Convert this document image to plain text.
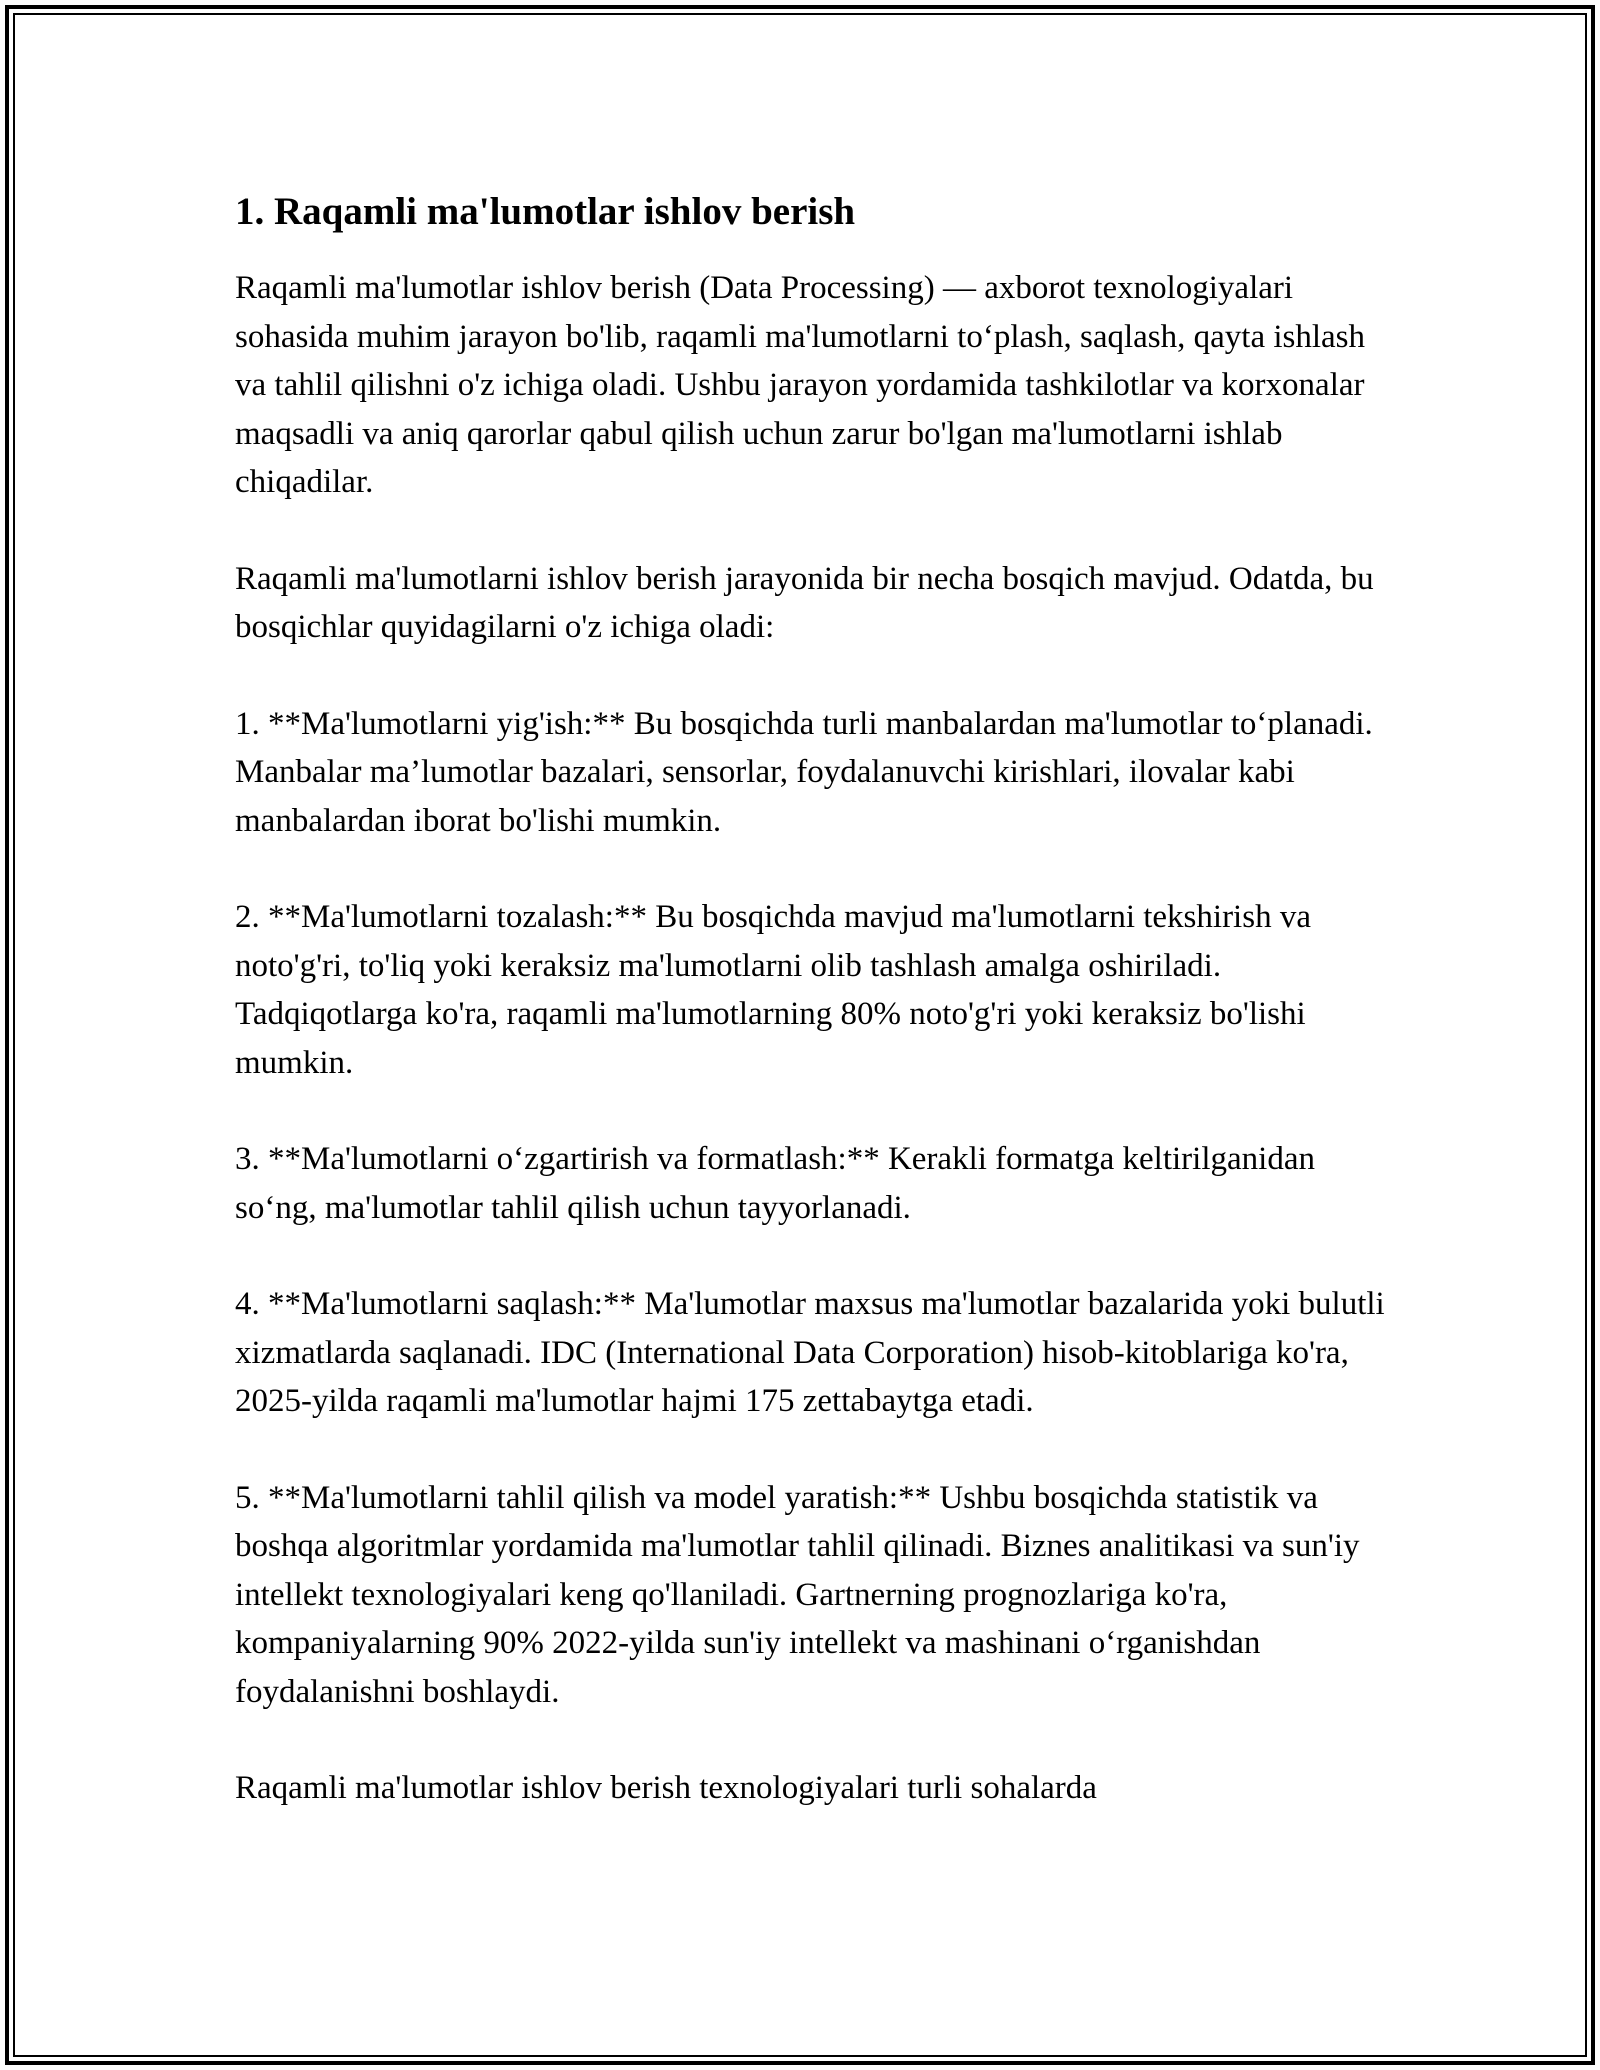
1. Raqamli ma'lumotlar ishlov berish

Raqamli ma'lumotlar ishlov berish (Data Processing) — axborot texnologiyalari sohasida muhim jarayon bo'lib, raqamli ma'lumotlarni to‘plash, saqlash, qayta ishlash va tahlil qilishni o'z ichiga oladi. Ushbu jarayon yordamida tashkilotlar va korxonalar maqsadli va aniq qarorlar qabul qilish uchun zarur bo'lgan ma'lumotlarni ishlab chiqadilar.

Raqamli ma'lumotlarni ishlov berish jarayonida bir necha bosqich mavjud. Odatda, bu bosqichlar quyidagilarni o'z ichiga oladi:

1. **Ma'lumotlarni yig'ish:** Bu bosqichda turli manbalardan ma'lumotlar to‘planadi. Manbalar ma’lumotlar bazalari, sensorlar, foydalanuvchi kirishlari, ilovalar kabi manbalardan iborat bo'lishi mumkin.

2. **Ma'lumotlarni tozalash:** Bu bosqichda mavjud ma'lumotlarni tekshirish va noto'g'ri, to'liq yoki keraksiz ma'lumotlarni olib tashlash amalga oshiriladi. Tadqiqotlarga ko'ra, raqamli ma'lumotlarning 80% noto'g'ri yoki keraksiz bo'lishi mumkin.

3. **Ma'lumotlarni o‘zgartirish va formatlash:** Kerakli formatga keltirilganidan so‘ng, ma'lumotlar tahlil qilish uchun tayyorlanadi.

4. **Ma'lumotlarni saqlash:** Ma'lumotlar maxsus ma'lumotlar bazalarida yoki bulutli xizmatlarda saqlanadi. IDC (International Data Corporation) hisob-kitoblariga ko'ra, 2025-yilda raqamli ma'lumotlar hajmi 175 zettabaytga etadi.

5. **Ma'lumotlarni tahlil qilish va model yaratish:** Ushbu bosqichda statistik va boshqa algoritmlar yordamida ma'lumotlar tahlil qilinadi. Biznes analitikasi va sun'iy intellekt texnologiyalari keng qo'llaniladi. Gartnerning prognozlariga ko'ra, kompaniyalarning 90% 2022-yilda sun'iy intellekt va mashinani o‘rganishdan foydalanishni boshlaydi.

Raqamli ma'lumotlar ishlov berish texnologiyalari turli sohalarda
